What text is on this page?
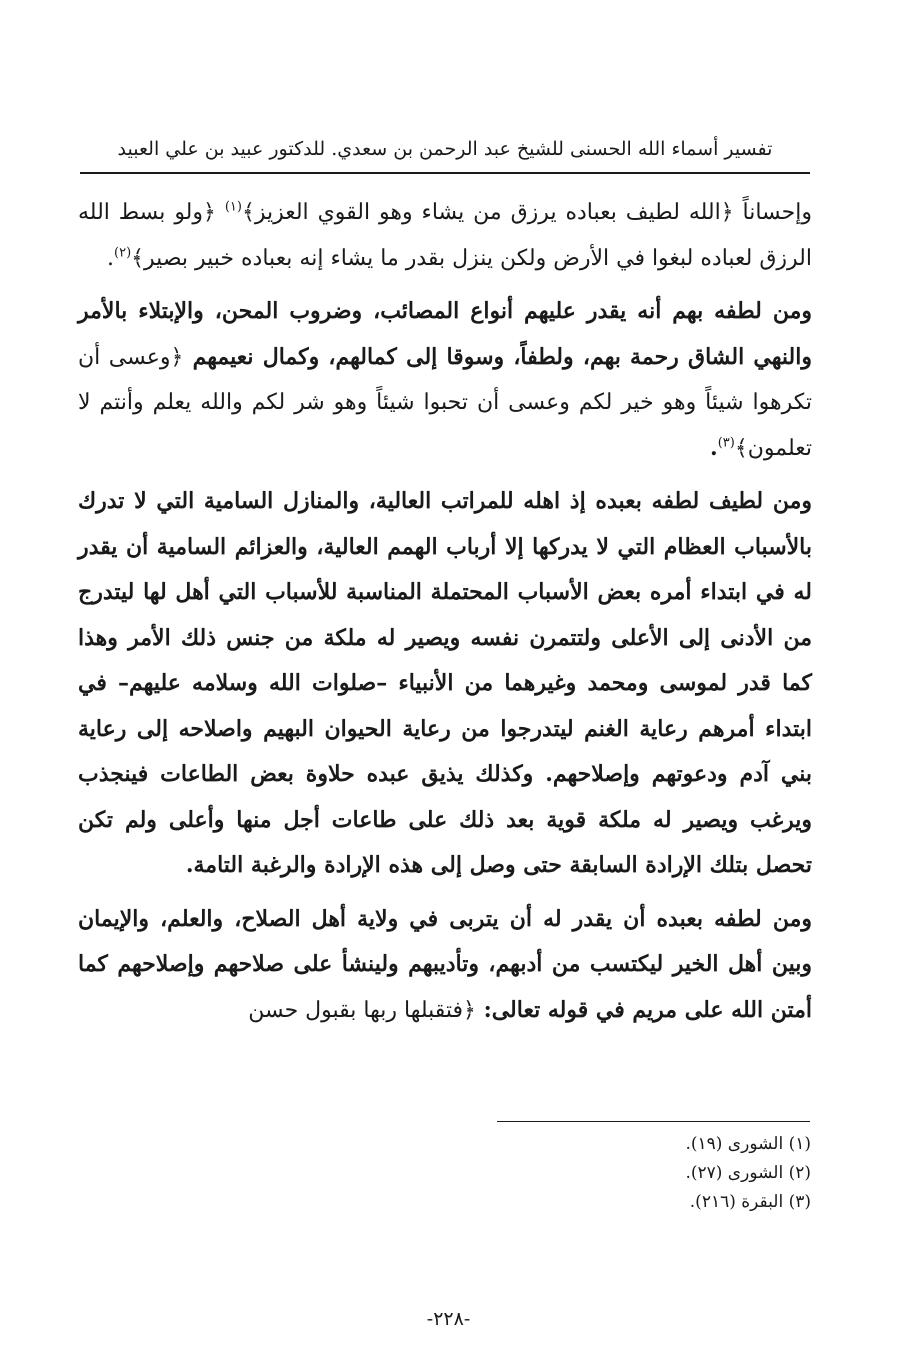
تفسير أسماء الله الحسنى للشيخ عبد الرحمن بن سعدي. للدكتور عبيد بن علي العبيد

وإحساناً ﴿الله لطيف بعباده يرزق من يشاء وهو القوي العزيز﴾$^{(١)}$ ﴿ولو بسط الله الرزق لعباده لبغوا في الأرض ولكن ينزل بقدر ما يشاء إنه بعباده خبير بصير﴾$^{(٢)}$.

ومن لطفه بهم أنه يقدر عليهم أنواع المصائب، وضروب المحن، والإبتلاء بالأمر والنهي الشاق رحمة بهم، ولطفاً، وسوقا إلى كمالهم، وكمال نعيمهم ﴿وعسى أن تكرهوا شيئاً وهو خير لكم وعسى أن تحبوا شيئاً وهو شر لكم والله يعلم وأنتم لا تعلمون﴾$^{(٣)}$.

ومن لطيف لطفه بعبده إذ اهله للمراتب العالية، والمنازل السامية التي لا تدرك بالأسباب العظام التي لا يدركها إلا أرباب الهمم العالية، والعزائم السامية أن يقدر له في ابتداء أمره بعض الأسباب المحتملة المناسبة للأسباب التي أهل لها ليتدرج من الأدنى إلى الأعلى ولتتمرن نفسه ويصير له ملكة من جنس ذلك الأمر وهذا كما قدر لموسى ومحمد وغيرهما من الأنبياء –صلوات الله وسلامه عليهم– في ابتداء أمرهم رعاية الغنم ليتدرجوا من رعاية الحيوان البهيم واصلاحه إلى رعاية بني آدم ودعوتهم وإصلاحهم. وكذلك يذيق عبده حلاوة بعض الطاعات فينجذب ويرغب ويصير له ملكة قوية بعد ذلك على طاعات أجل منها وأعلى ولم تكن تحصل بتلك الإرادة السابقة حتى وصل إلى هذه الإرادة والرغبة التامة.

ومن لطفه بعبده أن يقدر له أن يتربى في ولاية أهل الصلاح، والعلم، والإيمان وبين أهل الخير ليكتسب من أدبهم، وتأديبهم ولينشأ على صلاحهم وإصلاحهم كما أمتن الله على مريم في قوله تعالى: ﴿فتقبلها ربها بقبول حسن

(١) الشورى (١٩).
(٢) الشورى (٢٧).
(٣) البقرة (٢١٦).
-٢٢٨-
